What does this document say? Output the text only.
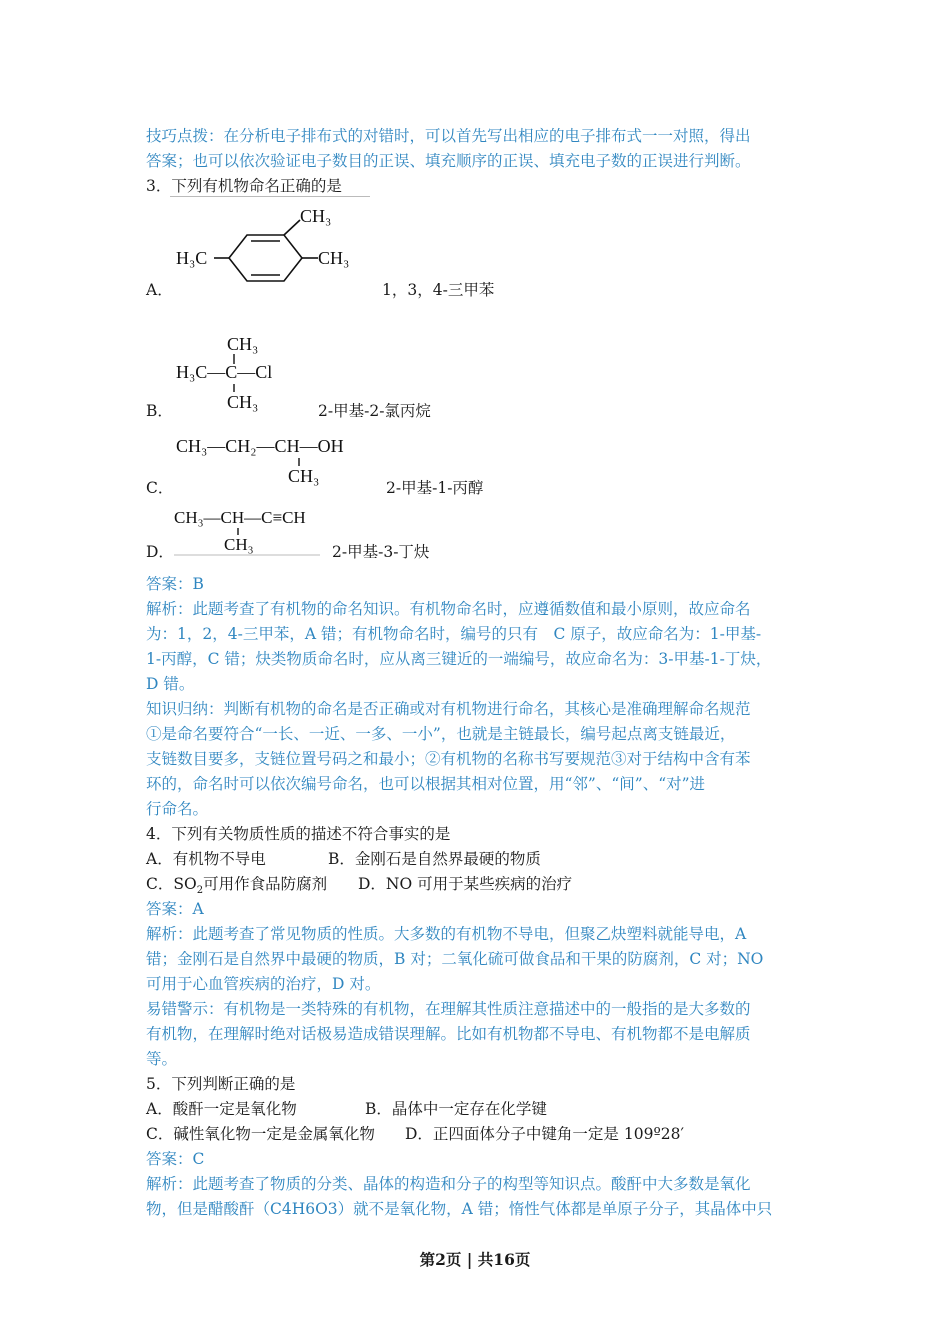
技巧点拨：在分析电子排布式的对错时，可以首先写出相应的电子排布式一一对照，得出
答案；也可以依次验证电子数目的正误、填充顺序的正误、填充电子数的正误进行判断。
3．下列有机物命名正确的是
CH₃
H₃C	CH₃
A．	1，3，4-三甲苯
CH₃
H₃C—C—Cl
CH₃
B．	2-甲基-2-氯丙烷
CH₃—CH₂—CH—OH
CH₃
C．	2-甲基-1-丙醇
CH₃—CH—C≡CH
CH₃
D．	2-甲基-3-丁炔
答案：B
解析：此题考查了有机物的命名知识。有机物命名时，应遵循数值和最小原则，故应命名
为：1，2，4-三甲苯，A 错；有机物命名时，编号的只有　C 原子，故应命名为：1-甲基-
1-丙醇，C 错；炔类物质命名时，应从离三键近的一端编号，故应命名为：3-甲基-1-丁炔，
D 错。
知识归纳：判断有机物的命名是否正确或对有机物进行命名，其核心是准确理解命名规范
①是命名要符合“一长、一近、一多、一小”，也就是主链最长，编号起点离支链最近，
支链数目要多，支链位置号码之和最小；②有机物的名称书写要规范③对于结构中含有苯
环的，命名时可以依次编号命名，也可以根据其相对位置，用“邻”、“间”、“对”进
行命名。
4．下列有关物质性质的描述不符合事实的是
A．有机物不导电	B．金刚石是自然界最硬的物质
C．$SO_2$可用作食品防腐剂 D．NO 可用于某些疾病的治疗
答案：A
解析：此题考查了常见物质的性质。大多数的有机物不导电，但聚乙炔塑料就能导电，A
错；金刚石是自然界中最硬的物质，B 对；二氧化硫可做食品和干果的防腐剂，C 对；NO
可用于心血管疾病的治疗，D 对。
易错警示：有机物是一类特殊的有机物，在理解其性质注意描述中的一般指的是大多数的
有机物，在理解时绝对话极易造成错误理解。比如有机物都不导电、有机物都不是电解质
等。
5．下列判断正确的是
A．酸酐一定是氧化物	B．晶体中一定存在化学键
C．碱性氧化物一定是金属氧化物 D．正四面体分子中键角一定是 109º28′
答案：C
解析：此题考查了物质的分类、晶体的构造和分子的构型等知识点。酸酐中大多数是氧化
物，但是醋酸酐（C4H6O3）就不是氧化物，A 错；惰性气体都是单原子分子，其晶体中只
第2页 | 共16页
